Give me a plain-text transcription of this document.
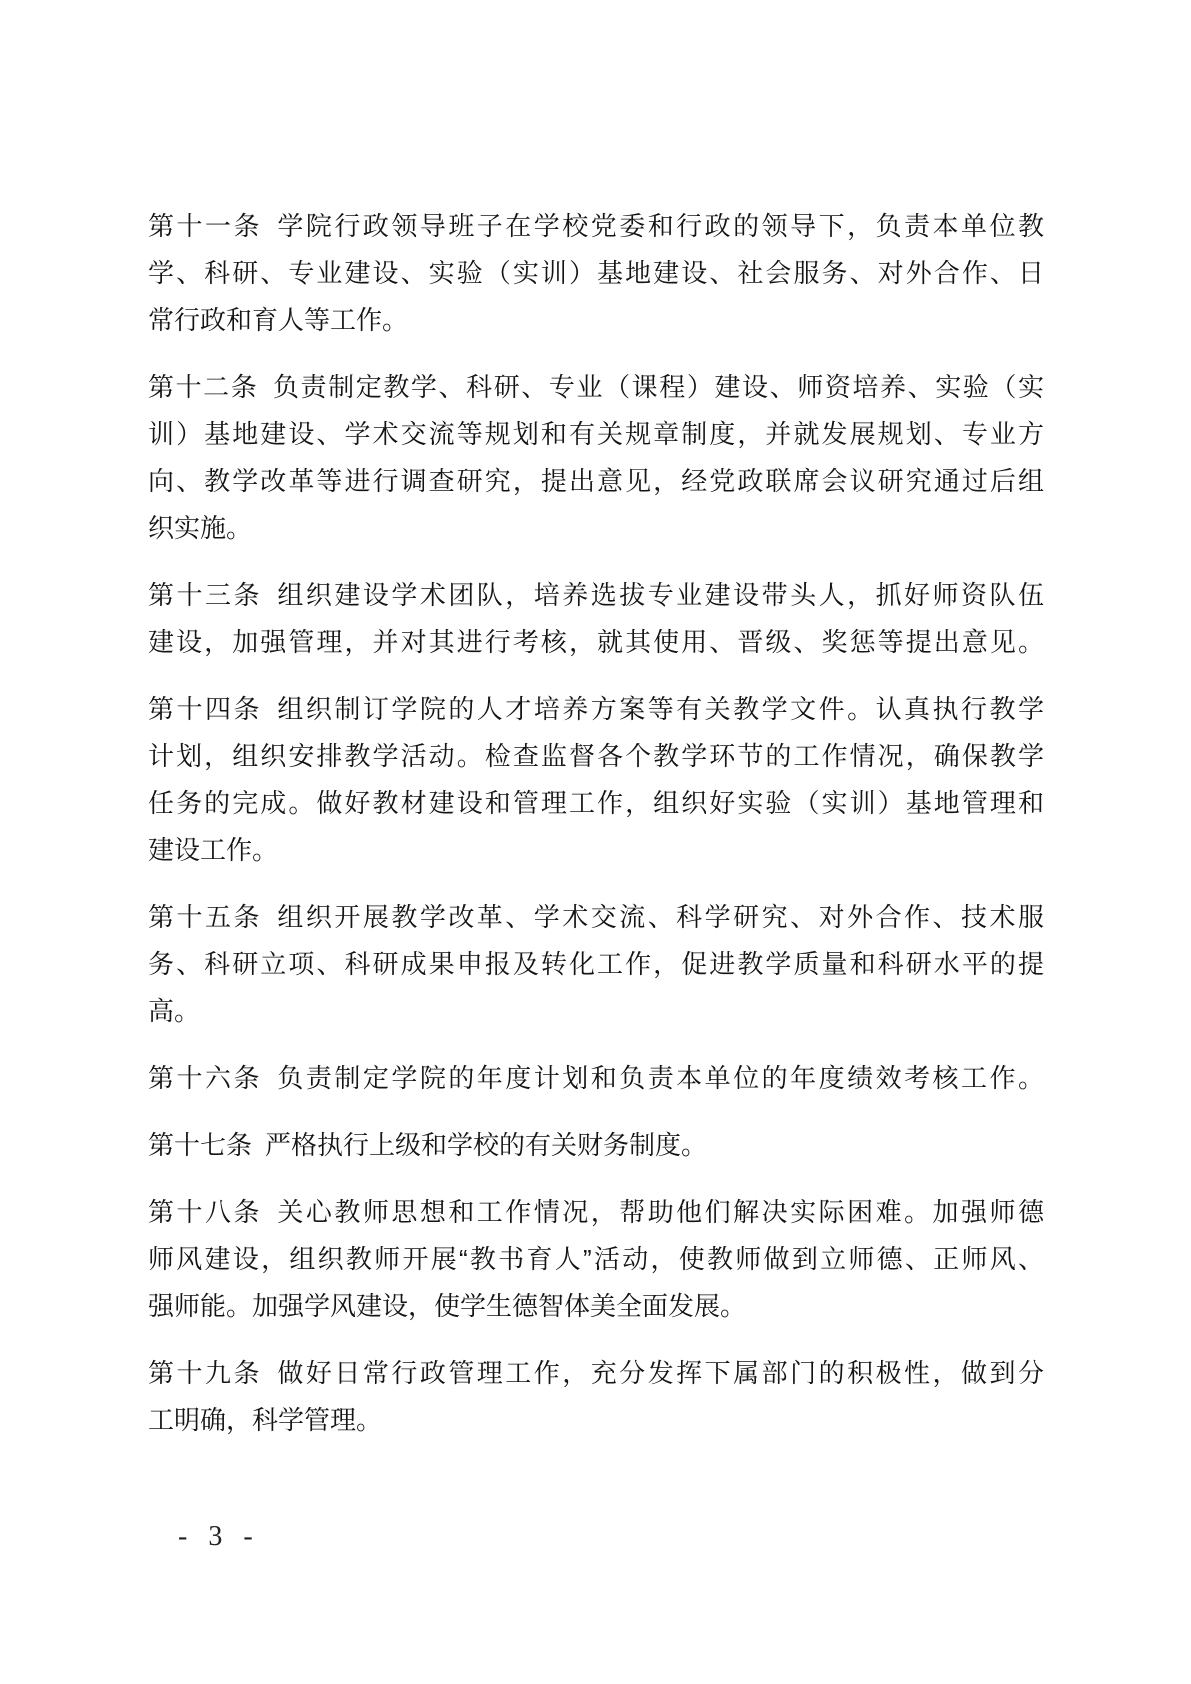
第十一条 学院行政领导班子在学校党委和行政的领导下，负责本单位教
学、科研、专业建设、实验（实训）基地建设、社会服务、对外合作、日
常行政和育人等工作。
第十二条 负责制定教学、科研、专业（课程）建设、师资培养、实验（实
训）基地建设、学术交流等规划和有关规章制度，并就发展规划、专业方
向、教学改革等进行调查研究，提出意见，经党政联席会议研究通过后组
织实施。
第十三条 组织建设学术团队，培养选拔专业建设带头人，抓好师资队伍
建设，加强管理，并对其进行考核，就其使用、晋级、奖惩等提出意见。
第十四条 组织制订学院的人才培养方案等有关教学文件。认真执行教学
计划，组织安排教学活动。检查监督各个教学环节的工作情况，确保教学
任务的完成。做好教材建设和管理工作，组织好实验（实训）基地管理和
建设工作。
第十五条 组织开展教学改革、学术交流、科学研究、对外合作、技术服
务、科研立项、科研成果申报及转化工作，促进教学质量和科研水平的提
高。
第十六条 负责制定学院的年度计划和负责本单位的年度绩效考核工作。
第十七条 严格执行上级和学校的有关财务制度。
第十八条 关心教师思想和工作情况，帮助他们解决实际困难。加强师德
师风建设，组织教师开展“教书育人”活动，使教师做到立师德、正师风、
强师能。加强学风建设，使学生德智体美全面发展。
第十九条 做好日常行政管理工作，充分发挥下属部门的积极性，做到分
工明确，科学管理。
- 3 -
